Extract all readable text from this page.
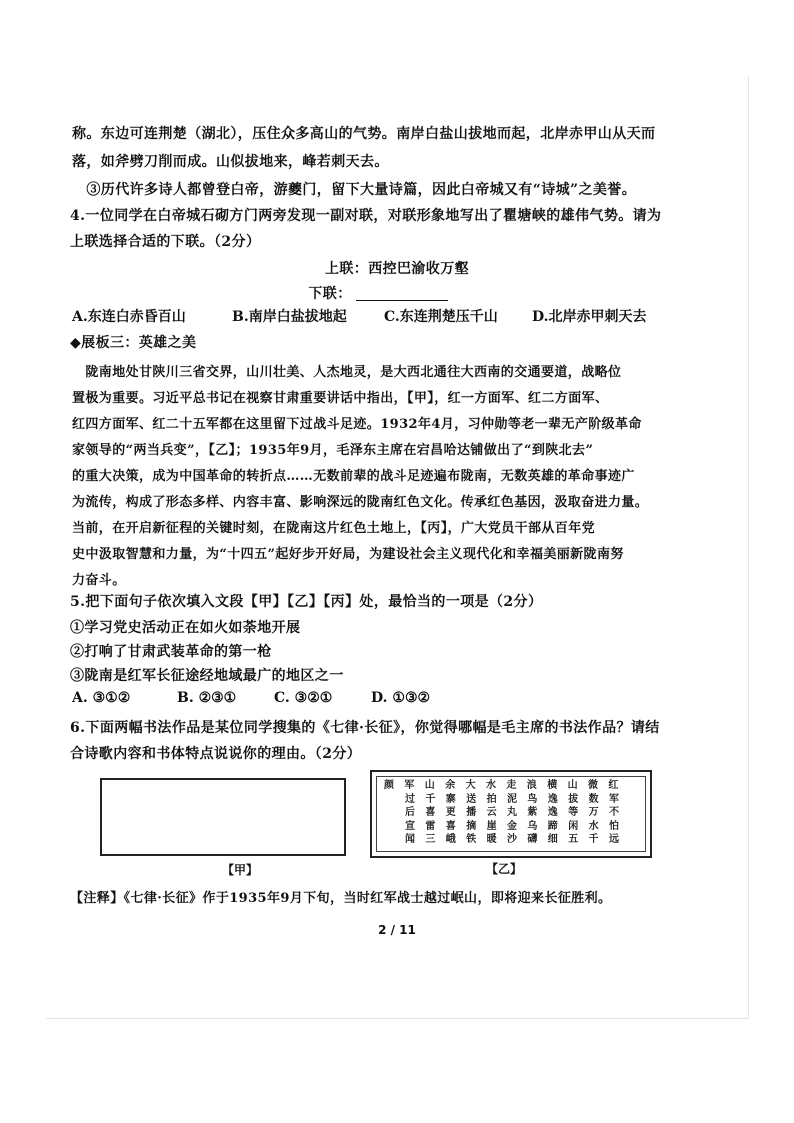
称。东边可连荆楚（湖北），压住众多高山的气势。南岸白盐山拔地而起，北岸赤甲山从天而
落，如斧劈刀削而成。山似拔地来，峰若刺天去。
　③历代许多诗人都曾登白帝，游夔门，留下大量诗篇，因此白帝城又有“诗城”之美誉。
4.一位同学在白帝城石砌方门两旁发现一副对联，对联形象地写出了瞿塘峡的雄伟气势。请为
上联选择合适的下联。（2分）
上联：西控巴渝收万壑
下联：
A.东连白赤昏百山	B.南岸白盐拔地起	C.东连荆楚压千山 D.北岸赤甲刺天去
◆展板三：英雄之美
　陇南地处甘陕川三省交界，山川壮美、人杰地灵，是大西北通往大西南的交通要道，战略位
置极为重要。习近平总书记在视察甘肃重要讲话中指出，【甲】，红一方面军、红二方面军、
红四方面军、红二十五军都在这里留下过战斗足迹。1932年4月，习仲勋等老一辈无产阶级革命
家领导的“两当兵变”，【乙】；1935年9月，毛泽东主席在宕昌哈达铺做出了“到陕北去”
的重大决策，成为中国革命的转折点……无数前辈的战斗足迹遍布陇南，无数英雄的革命事迹广
为流传，构成了形态多样、内容丰富、影响深远的陇南红色文化。传承红色基因，汲取奋进力量。
当前，在开启新征程的关键时刻，在陇南这片红色土地上，【丙】，广大党员干部从百年党
史中汲取智慧和力量，为“十四五”起好步开好局，为建设社会主义现代化和幸福美丽新陇南努
力奋斗。
5.把下面句子依次填入文段【甲】【乙】【丙】处，最恰当的一项是（2分）
①学习党史活动正在如火如荼地开展
②打响了甘肃武装革命的第一枪
③陇南是红军长征途经地域最广的地区之一
A. ③①②	B. ②③①	C. ③②①	D. ①③②
6.下面两幅书法作品是某位同学搜集的《七律·长征》，你觉得哪幅是毛主席的书法作品？请结
合诗歌内容和书体特点说说你的理由。（2分）
【甲】
颜军山余大水走浪横山微红
过千寨送拍泥鸟逸拔数军
后喜更播云丸紫逸等万不
宣雷喜摘崖金乌蹄闲水怕
闻三峨铁暖沙礴细五千远
【乙】
【注释】《七律·长征》作于1935年9月下旬，当时红军战士越过岷山，即将迎来长征胜利。
2 / 11
